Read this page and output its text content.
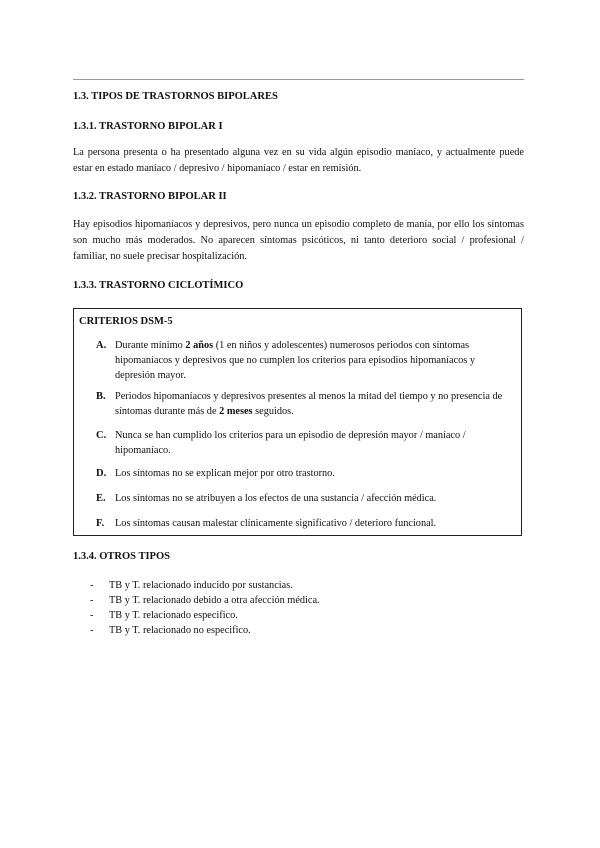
1.3. TIPOS DE TRASTORNOS BIPOLARES
1.3.1. TRASTORNO BIPOLAR I

La persona presenta o ha presentado alguna vez en su vida algún episodio maníaco, y actualmente puede estar en estado maníaco / depresivo / hipomaníaco / estar en remisión.

1.3.2. TRASTORNO BIPOLAR II

Hay episodios hipomaníacos y depresivos, pero nunca un episodio completo de manía, por ello los síntomas son mucho más moderados. No aparecen síntomas psicóticos, ni tanto deterioro social / profesional / familiar, no suele precisar hospitalización.

1.3.3. TRASTORNO CICLOTÍMICO
CRITERIOS DSM-5
A. Durante mínimo 2 años (1 en niños y adolescentes) numerosos periodos con síntomas hipomaníacos y depresivos que no cumplen los criterios para episodios hipomaníacos y depresión mayor.
B. Periodos hipomaníacos y depresivos presentes al menos la mitad del tiempo y no presencia de síntomas durante más de 2 meses seguidos.
C. Nunca se han cumplido los criterios para un episodio de depresión mayor / maníaco / hipomaníaco.
D. Los síntomas no se explican mejor por otro trastorno.
E. Los síntomas no se atribuyen a los efectos de una sustancia / afección médica.
F. Los síntomas causan malestar clínicamente significativo / deterioro funcional.
1.3.4. OTROS TIPOS
- TB y T. relacionado inducido por sustancias.
- TB y T. relacionado debido a otra afección médica.
- TB y T. relacionado especifico.
- TB y T. relacionado no especifico.
